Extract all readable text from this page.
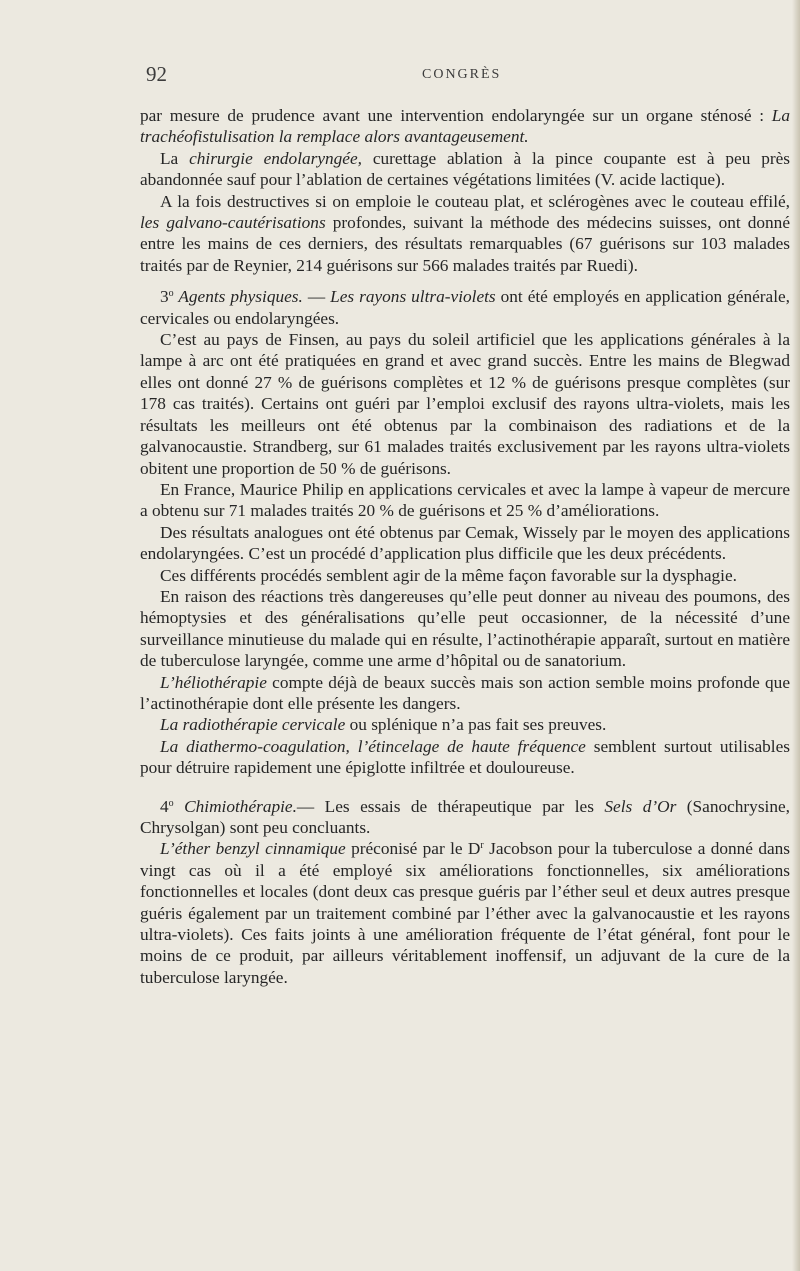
92	CONGRÈS

par mesure de prudence avant une intervention endolaryngée sur un organe sténosé : La trachéofistulisation la remplace alors avantageusement.

La chirurgie endolaryngée, curettage ablation à la pince coupante est à peu près abandonnée sauf pour l’ablation de certaines végétations limitées (V. acide lactique).

A la fois destructives si on emploie le couteau plat, et sclérogènes avec le couteau effilé, les galvano-cautérisations profondes, suivant la méthode des médecins suisses, ont donné entre les mains de ces derniers, des résultats remarquables (67 guérisons sur 103 malades traités par de Reynier, 214 guérisons sur 566 malades traités par Ruedi).

3$^o$ Agents physiques. — Les rayons ultra-violets ont été employés en application générale, cervicales ou endolaryngées.

C’est au pays de Finsen, au pays du soleil artificiel que les applications générales à la lampe à arc ont été pratiquées en grand et avec grand succès. Entre les mains de Blegwad elles ont donné 27 % de guérisons complètes et 12 % de guérisons presque complètes (sur 178 cas traités). Certains ont guéri par l’emploi exclusif des rayons ultra-violets, mais les résultats les meilleurs ont été obtenus par la combinaison des radiations et de la galvanocaustie. Strandberg, sur 61 malades traités exclusivement par les rayons ultra-violets obitent une proportion de 50 % de guérisons.

En France, Maurice Philip en applications cervicales et avec la lampe à vapeur de mercure a obtenu sur 71 malades traités 20 % de guérisons et 25 % d’améliorations.

Des résultats analogues ont été obtenus par Cemak, Wissely par le moyen des applications endolaryngées. C’est un procédé d’application plus difficile que les deux précédents.

Ces différents procédés semblent agir de la même façon favorable sur la dysphagie.

En raison des réactions très dangereuses qu’elle peut donner au niveau des poumons, des hémoptysies et des généralisations qu’elle peut occasionner, de la nécessité d’une surveillance minutieuse du malade qui en résulte, l’actinothérapie apparaît, surtout en matière de tuberculose laryngée, comme une arme d’hôpital ou de sanatorium.

L’héliothérapie compte déjà de beaux succès mais son action semble moins profonde que l’actinothérapie dont elle présente les dangers.

La radiothérapie cervicale ou splénique n’a pas fait ses preuves.

La diathermo-coagulation, l’étincelage de haute fréquence semblent surtout utilisables pour détruire rapidement une épiglotte infiltrée et douloureuse.

4$^o$ Chimiothérapie.— Les essais de thérapeutique par les Sels d’Or (Sanochrysine, Chrysolgan) sont peu concluants.

L’éther benzyl cinnamique préconisé par le $D^r$ Jacobson pour la tuberculose a donné dans vingt cas où il a été employé six améliorations fonctionnelles, six améliorations fonctionnelles et locales (dont deux cas presque guéris par l’éther seul et deux autres presque guéris également par un traitement combiné par l’éther avec la galvanocaustie et les rayons ultra-violets). Ces faits joints à une amélioration fréquente de l’état général, font pour le moins de ce produit, par ailleurs véritablement inoffensif, un adjuvant de la cure de la tuberculose laryngée.
